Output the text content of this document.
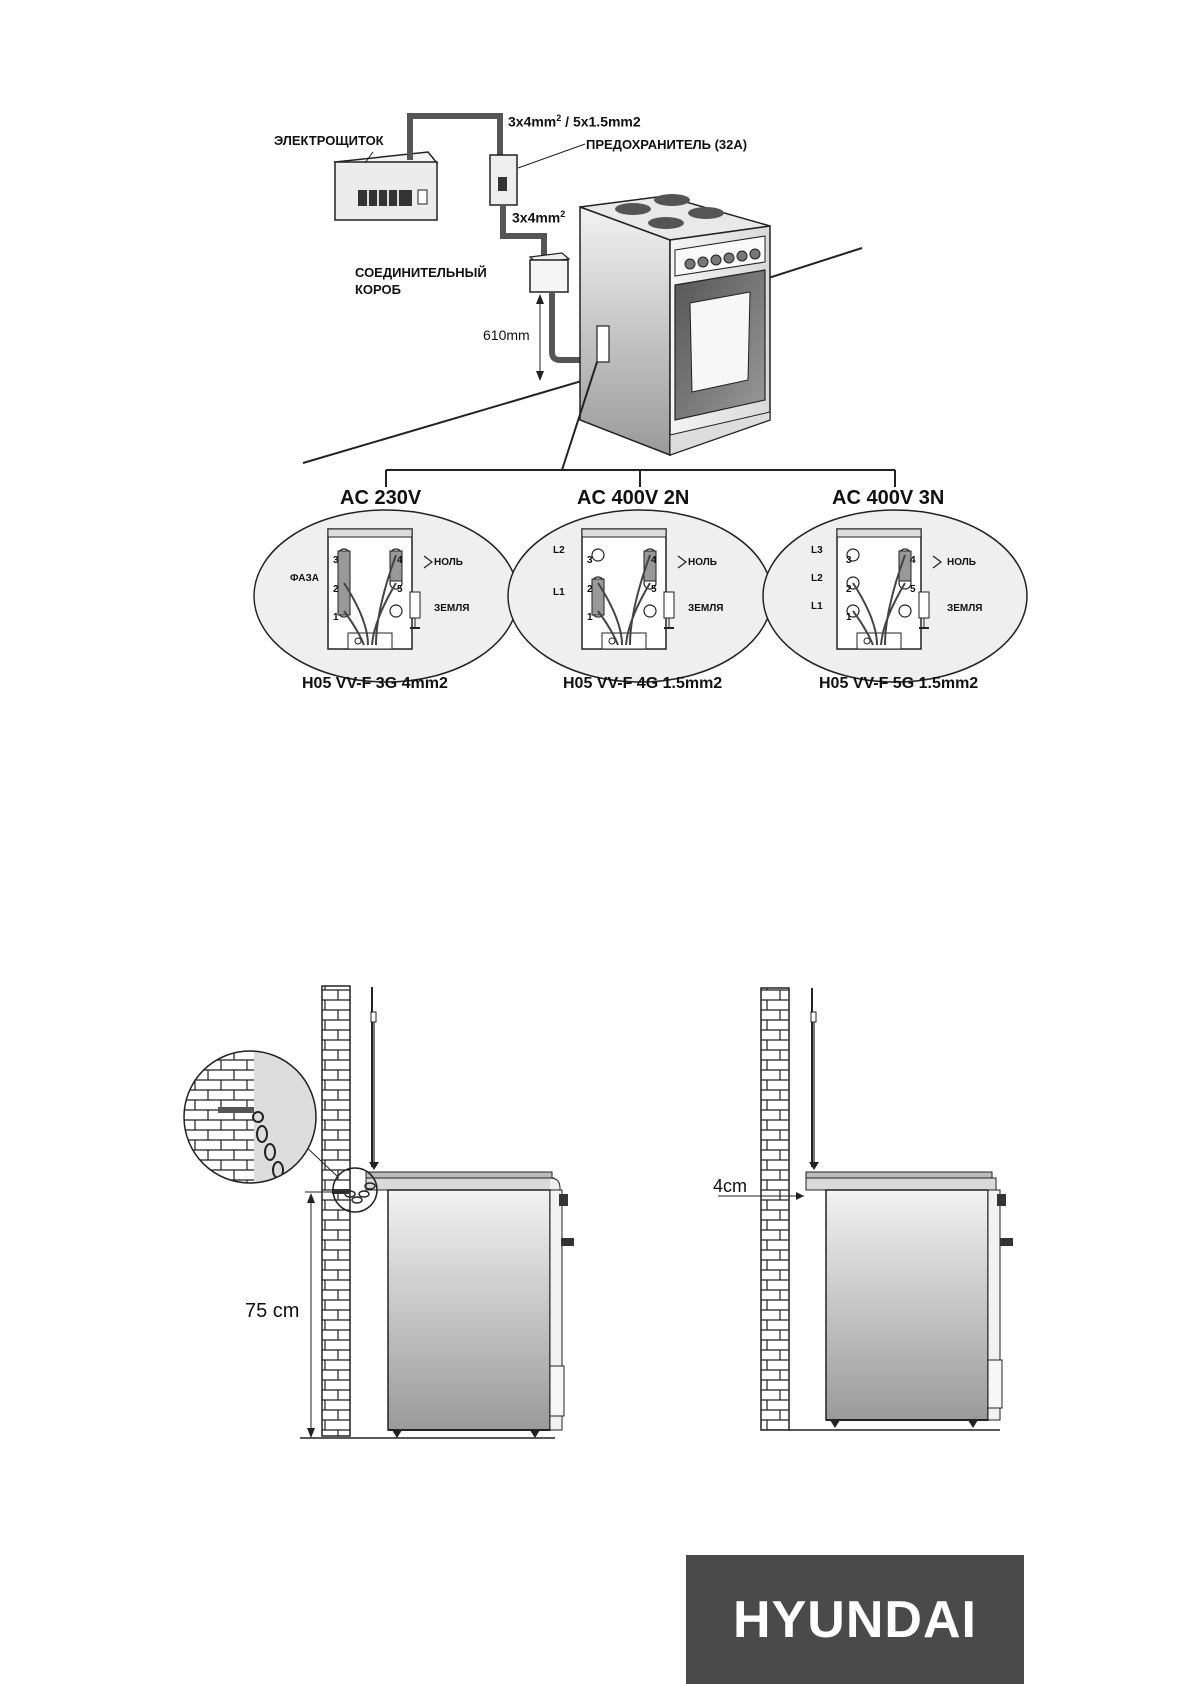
ЭЛЕКТРОЩИТОК
$3x4mm^2 / 5x1.5mm2$
ПРЕДОХРАНИТЕЛЬ (32A)
$3x4mm^2$
СОЕДИНИТЕЛЬНЫЙ
КОРОБ
610mm
AC 230V	AC 400V 2N	AC 400V 3N
ФАЗА
НОЛЬ
ЗЕМЛЯ
3
2
1
4
5
L2
L1
НОЛЬ
ЗЕМЛЯ
3
2
1
4
5
L3
L2
L1
НОЛЬ
ЗЕМЛЯ
3
2
1
4
5
H05 VV-F 3G 4mm2	H05 VV-F 4G 1.5mm2	H05 VV-F 5G 1.5mm2
75 cm
4cm
HYUNDAI
